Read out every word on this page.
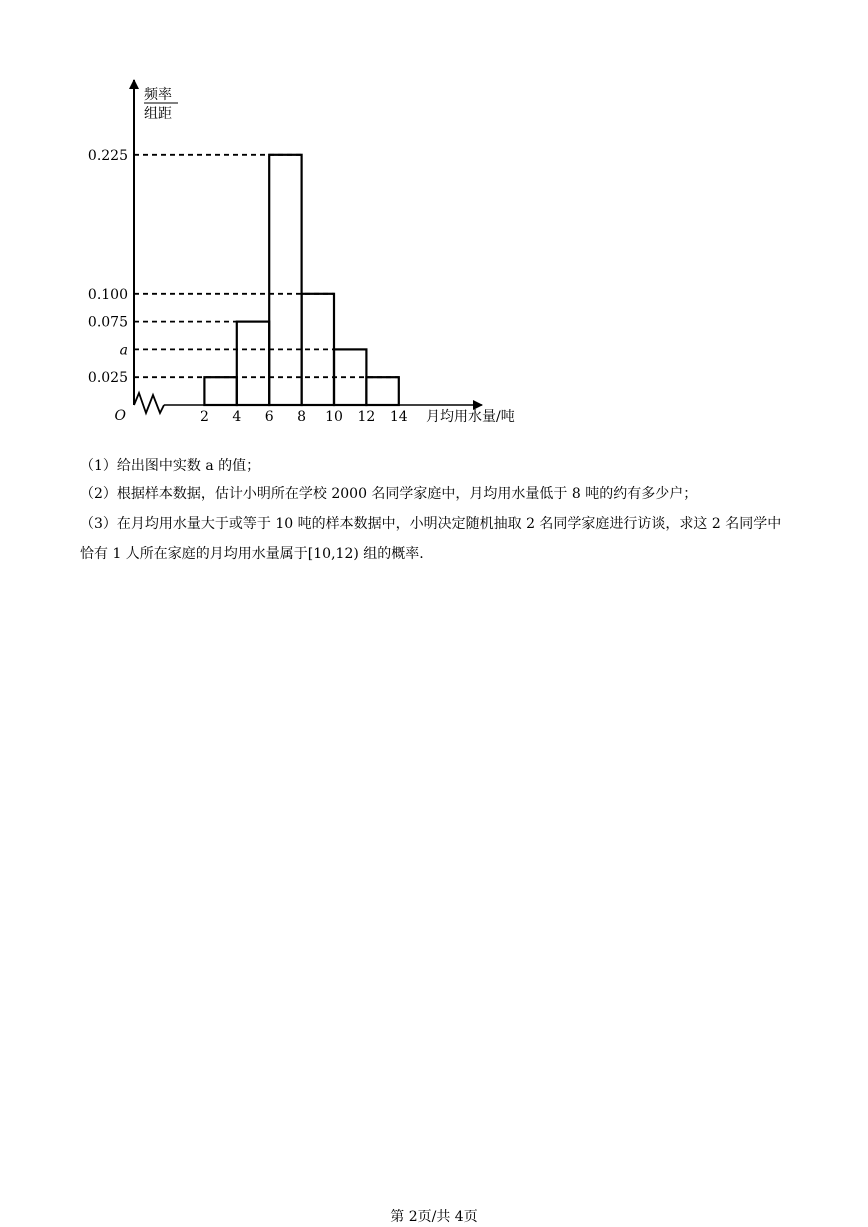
0.225
0.100
0.075
a
0.025
2 4 6 8 10 12 14
O	月均用水量/吨
频率
组距
（1）给出图中实数 a 的值；
（2）根据样本数据，估计小明所在学校 2000 名同学家庭中，月均用水量低于 8 吨的约有多少户；
（3）在月均用水量大于或等于 10 吨的样本数据中，小明决定随机抽取 2 名同学家庭进行访谈，求这 2 名同学中恰有 1 人所在家庭的月均用水量属于[10,12) 组的概率.
第 2页/共 4页
